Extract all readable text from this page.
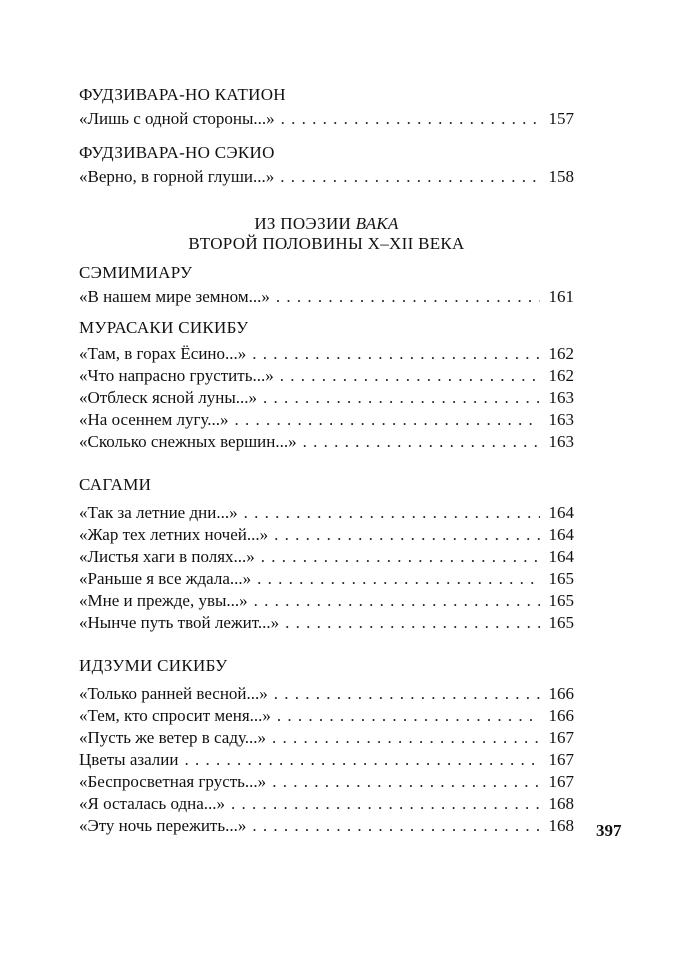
ФУДЗИВАРА-НО КАТИОН

«Лишь с одной стороны...» . . .	157

ФУДЗИВАРА-НО СЭКИО

«Верно, в горной глуши...» . . .	158
ИЗ ПОЭЗИИ ВАКА
ВТОРОЙ ПОЛОВИНЫ X–XII ВЕКА

СЭМИМИАРУ

«В нашем мире земном...» . . .	161

МУРАСАКИ СИКИБУ

«Там, в горах Ёсино...» . . .	162
«Что напрасно грустить...» . . .	162
«Отблеск ясной луны...» . . .	163
«На осеннем лугу...» . . .	163
«Сколько снежных вершин...» . . .	163

САГАМИ

«Так за летние дни...» . . .	164
«Жар тех летних ночей...» . . .	164
«Листья хаги в полях...» . . .	164
«Раньше я все ждала...» . . .	165
«Мне и прежде, увы...» . . .	165
«Нынче путь твой лежит...» . . .	165

ИДЗУМИ СИКИБУ

«Только ранней весной...» . . .	166
«Тем, кто спросит меня...» . . .	166
«Пусть же ветер в саду...» . . .	167
Цветы азалии . . .	167
«Беспросветная грусть...» . . .	167
«Я осталась одна...» . . .	168
«Эту ночь пережить...» . . .	168 397
